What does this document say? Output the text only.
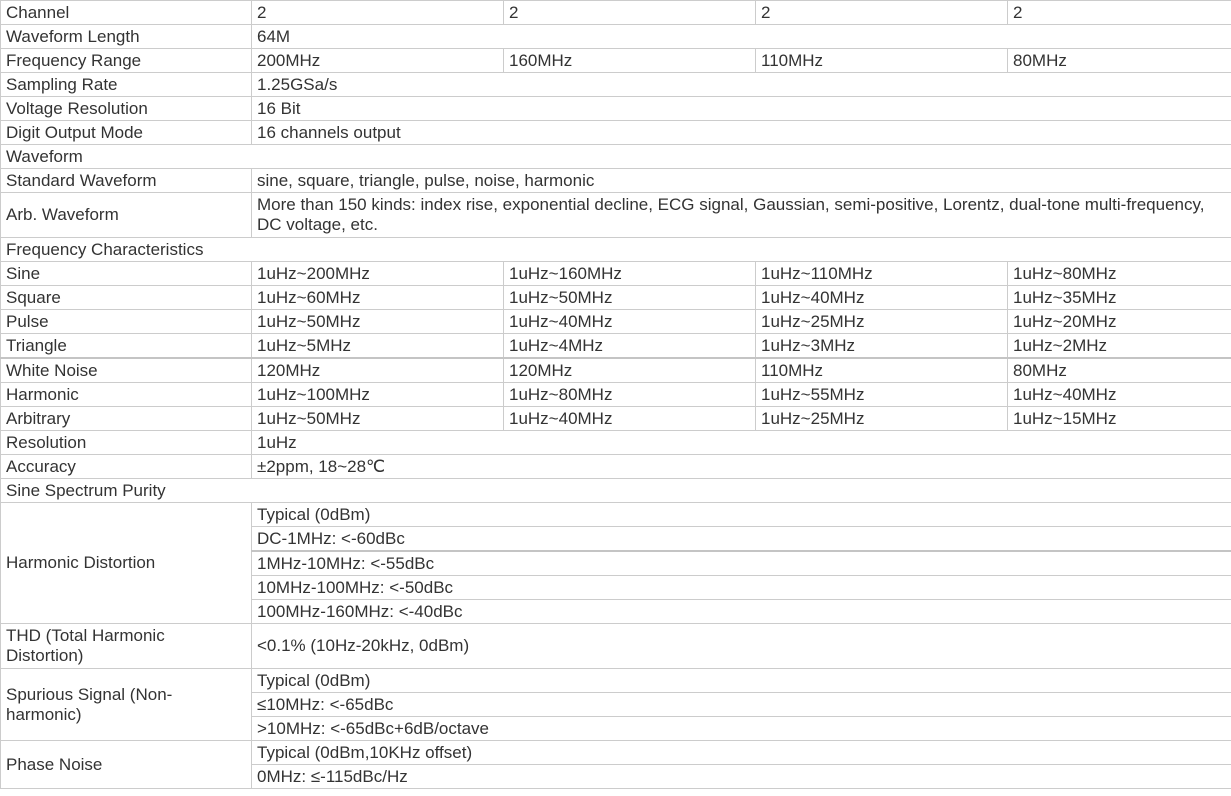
Channel	2	2	2	2
Waveform Length	64M			
Frequency Range	200MHz	160MHz	110MHz	80MHz
Sampling Rate	1.25GSa/s			
Voltage Resolution	16 Bit			
Digit Output Mode	16 channels output			
Waveform				
Standard Waveform	sine, square, triangle, pulse, noise, harmonic			
Arb. Waveform	More than 150 kinds: index rise, exponential decline, ECG signal, Gaussian, semi-positive, Lorentz, dual-tone multi-frequency, DC voltage, etc.			
Frequency Characteristics				
Sine	1uHz~200MHz	1uHz~160MHz	1uHz~110MHz	1uHz~80MHz
Square	1uHz~60MHz	1uHz~50MHz	1uHz~40MHz	1uHz~35MHz
Pulse	1uHz~50MHz	1uHz~40MHz	1uHz~25MHz	1uHz~20MHz
Triangle	1uHz~5MHz	1uHz~4MHz	1uHz~3MHz	1uHz~2MHz
White Noise	120MHz	120MHz	110MHz	80MHz
Harmonic	1uHz~100MHz	1uHz~80MHz	1uHz~55MHz	1uHz~40MHz
Arbitrary	1uHz~50MHz	1uHz~40MHz	1uHz~25MHz	1uHz~15MHz
Resolution	1uHz			
Accuracy	±2ppm, 18~28℃			
Sine Spectrum Purity				
Harmonic Distortion	Typical (0dBm)			
	DC-1MHz: <-60dBc			
	1MHz-10MHz: <-55dBc			
	10MHz-100MHz: <-50dBc			
	100MHz-160MHz: <-40dBc			
THD (Total Harmonic Distortion)	<0.1% (10Hz-20kHz, 0dBm)			
Spurious Signal (Non-harmonic)	Typical (0dBm)			
	≤10MHz: <-65dBc			
	>10MHz: <-65dBc+6dB/octave			
Phase Noise	Typical (0dBm,10KHz offset)			
	0MHz: ≤-115dBc/Hz			
